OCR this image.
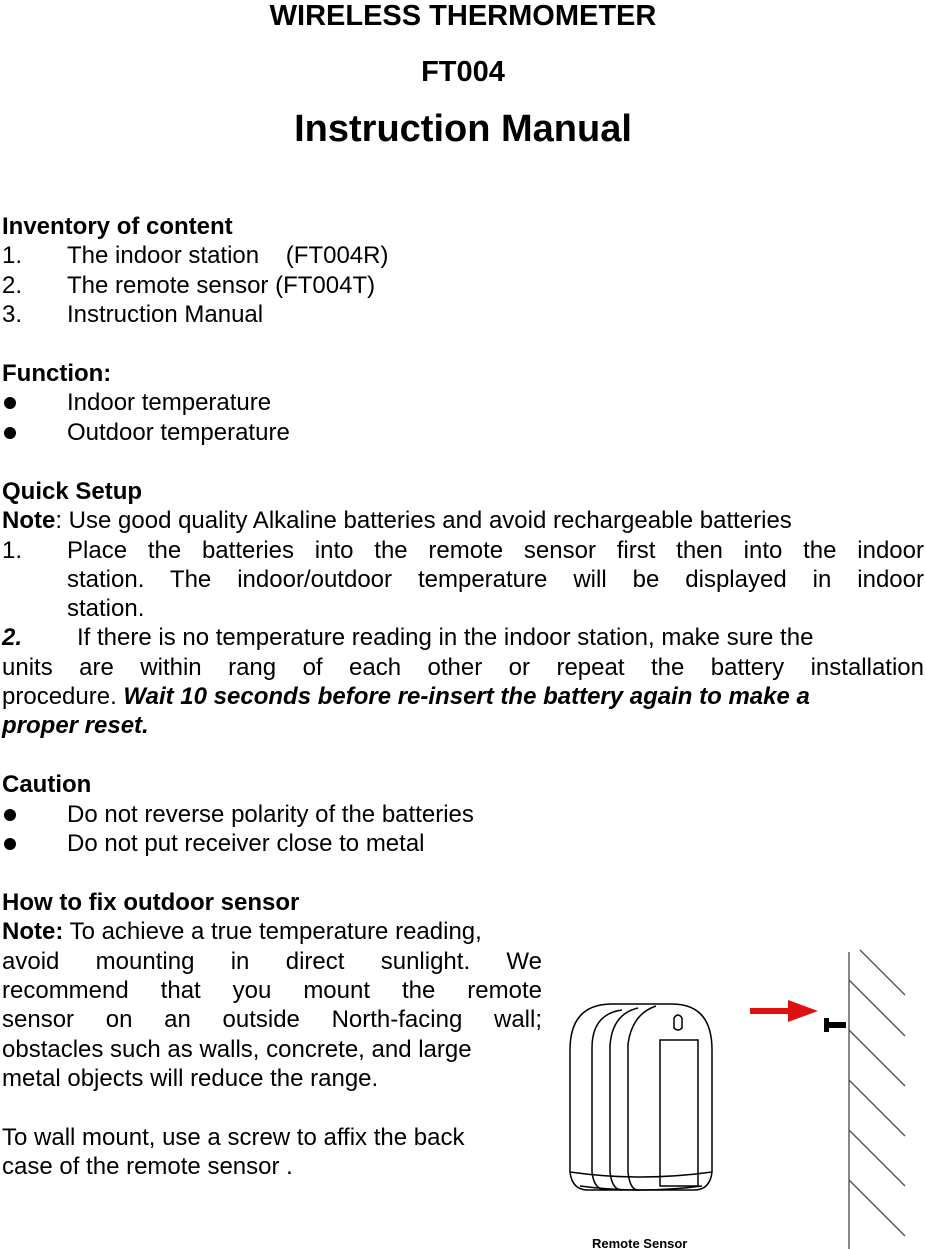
WIRELESS THERMOMETER
FT004
Instruction Manual
Inventory of content
1. The indoor station    (FT004R)
2. The remote sensor (FT004T)
3. Instruction Manual
Function:
Indoor temperature
Outdoor temperature
Quick Setup
Note: Use good quality Alkaline batteries and avoid rechargeable batteries
1. Place the batteries into the remote sensor first then into the indoor
station. The indoor/outdoor temperature will be displayed in indoor
station.
2. If there is no temperature reading in the indoor station, make sure the
units are within rang of each other or repeat the battery installation
procedure. Wait 10 seconds before re-insert the battery again to make a
proper reset.
Caution
Do not reverse polarity of the batteries
Do not put receiver close to metal
How to fix outdoor sensor
Note: To achieve a true temperature reading,
avoid mounting in direct sunlight. We
recommend that you mount the remote
sensor on an outside North-facing wall;
obstacles such as walls, concrete, and large
metal objects will reduce the range.
To wall mount, use a screw to affix the back
case of the remote sensor .
Remote Sensor
